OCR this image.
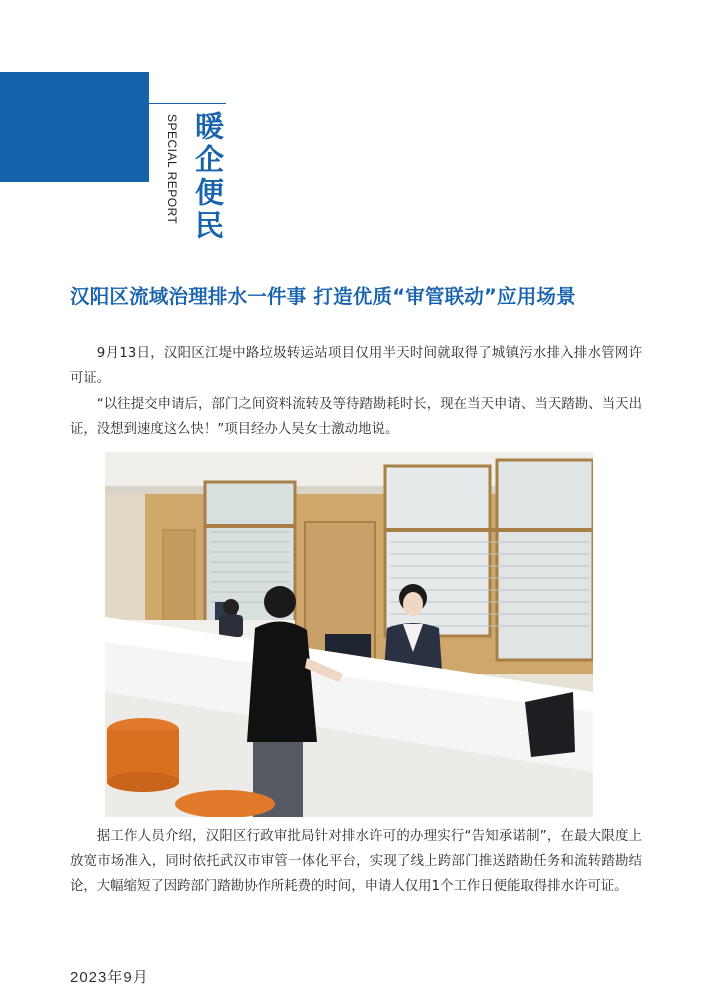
SPECIAL REPORT 暖企便民
汉阳区流域治理排水一件事 打造优质“审管联动”应用场景

9月13日，汉阳区江堤中路垃圾转运站项目仅用半天时间就取得了城镇污水排入排水管网许可证。

“以往提交申请后，部门之间资料流转及等待踏勘耗时长，现在当天申请、当天踏勘、当天出证，没想到速度这么快！”项目经办人吴女士激动地说。

据工作人员介绍，汉阳区行政审批局针对排水许可的办理实行“告知承诺制”，在最大限度上放宽市场准入，同时依托武汉市审管一体化平台，实现了线上跨部门推送踏勘任务和流转踏勘结论，大幅缩短了因跨部门踏勘协作所耗费的时间，申请人仅用1个工作日便能取得排水许可证。

2023年9月
